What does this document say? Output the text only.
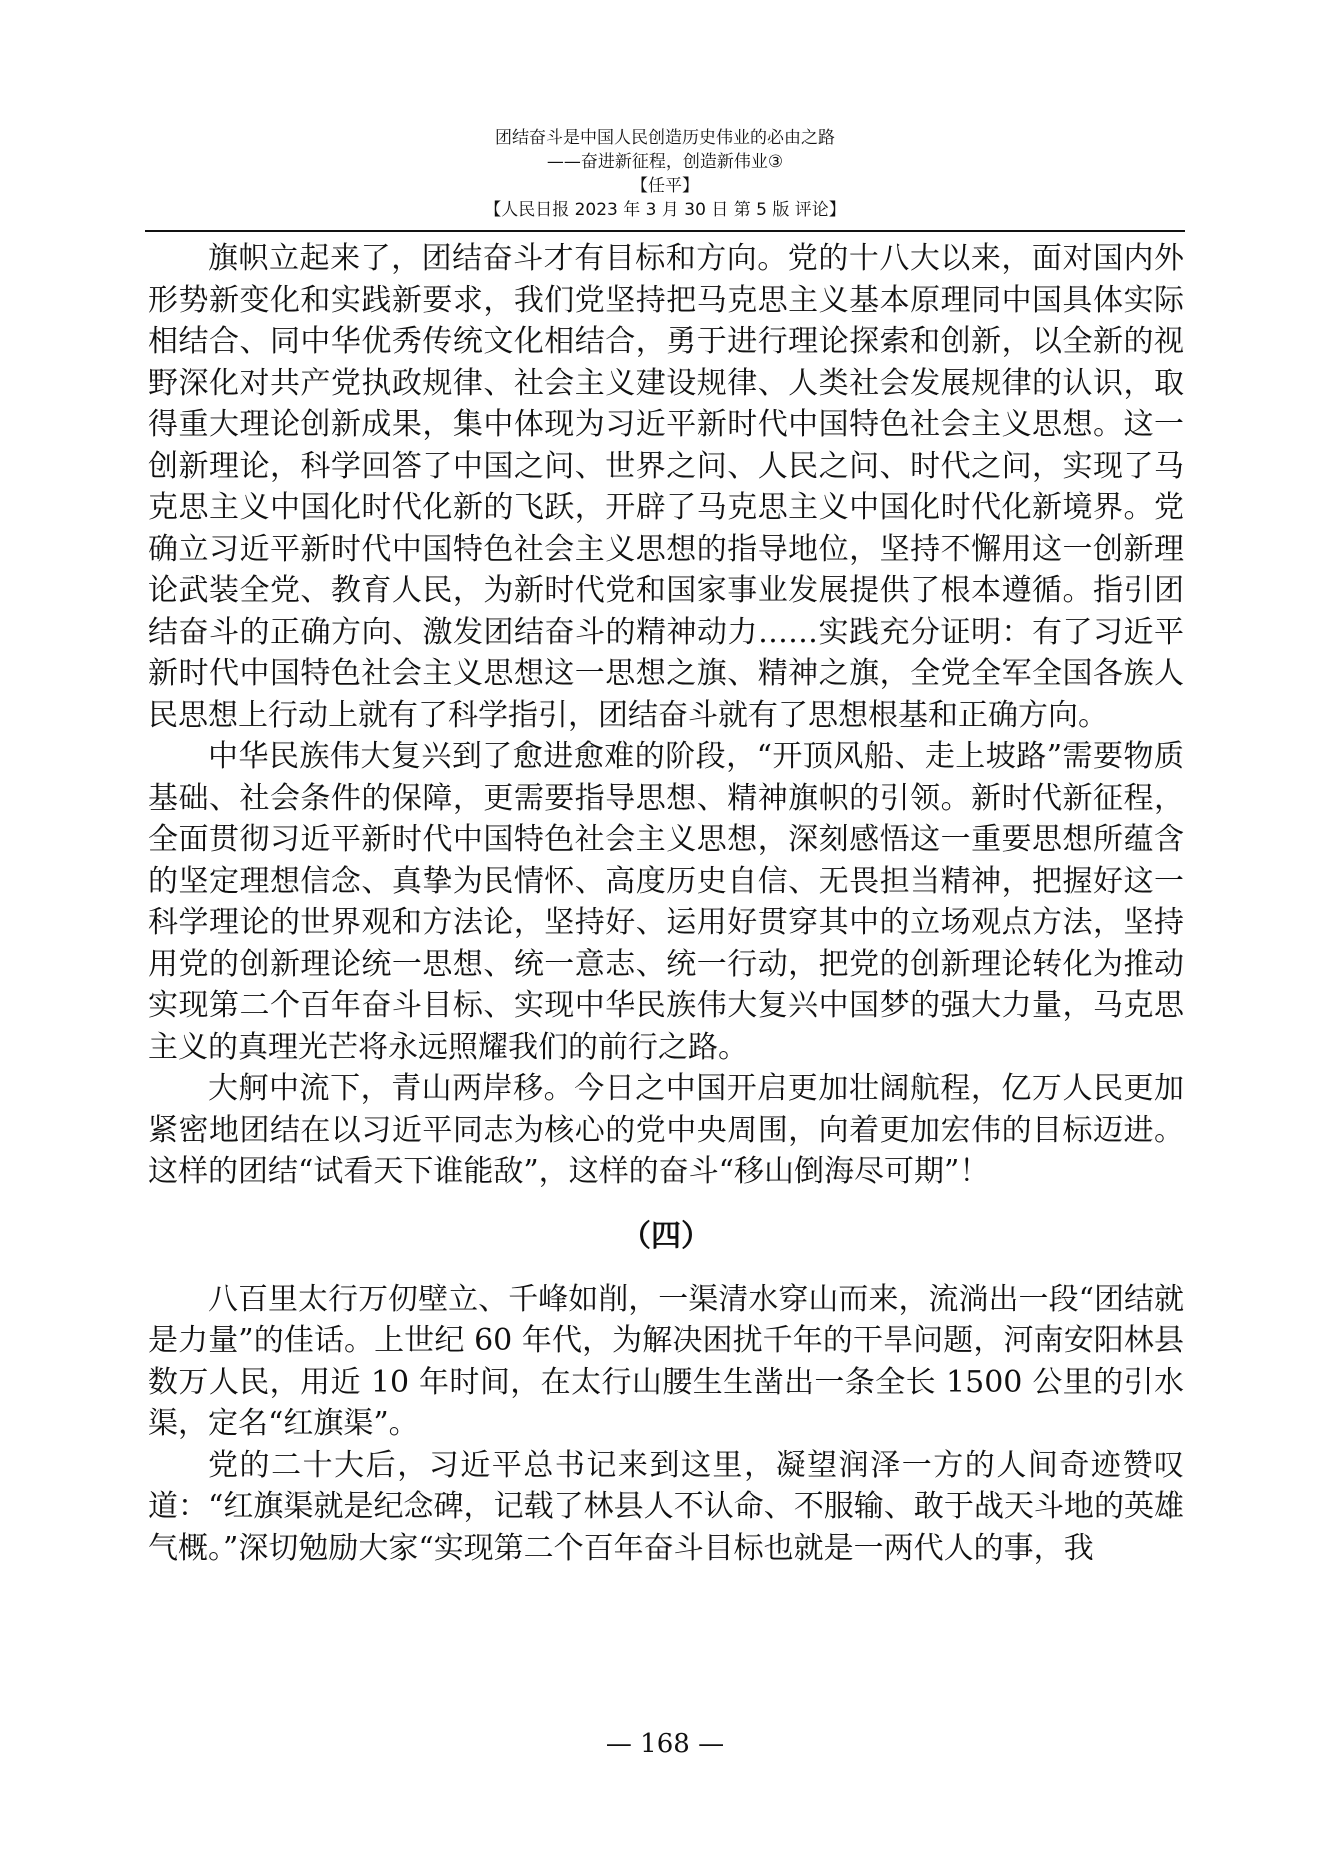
团结奋斗是中国人民创造历史伟业的必由之路
——奋进新征程，创造新伟业③
【任平】
【人民日报 2023 年 3 月 30 日 第 5 版 评论】

旗帜立起来了，团结奋斗才有目标和方向。党的十八大以来，面对国内外形势新变化和实践新要求，我们党坚持把马克思主义基本原理同中国具体实际相结合、同中华优秀传统文化相结合，勇于进行理论探索和创新，以全新的视野深化对共产党执政规律、社会主义建设规律、人类社会发展规律的认识，取得重大理论创新成果，集中体现为习近平新时代中国特色社会主义思想。这一创新理论，科学回答了中国之问、世界之问、人民之问、时代之问，实现了马克思主义中国化时代化新的飞跃，开辟了马克思主义中国化时代化新境界。党确立习近平新时代中国特色社会主义思想的指导地位，坚持不懈用这一创新理论武装全党、教育人民，为新时代党和国家事业发展提供了根本遵循。指引团结奋斗的正确方向、激发团结奋斗的精神动力……实践充分证明：有了习近平新时代中国特色社会主义思想这一思想之旗、精神之旗，全党全军全国各族人民思想上行动上就有了科学指引，团结奋斗就有了思想根基和正确方向。

中华民族伟大复兴到了愈进愈难的阶段，“开顶风船、走上坡路”需要物质基础、社会条件的保障，更需要指导思想、精神旗帜的引领。新时代新征程，全面贯彻习近平新时代中国特色社会主义思想，深刻感悟这一重要思想所蕴含的坚定理想信念、真挚为民情怀、高度历史自信、无畏担当精神，把握好这一科学理论的世界观和方法论，坚持好、运用好贯穿其中的立场观点方法，坚持用党的创新理论统一思想、统一意志、统一行动，把党的创新理论转化为推动实现第二个百年奋斗目标、实现中华民族伟大复兴中国梦的强大力量，马克思主义的真理光芒将永远照耀我们的前行之路。

大舸中流下，青山两岸移。今日之中国开启更加壮阔航程，亿万人民更加紧密地团结在以习近平同志为核心的党中央周围，向着更加宏伟的目标迈进。这样的团结“试看天下谁能敌”，这样的奋斗“移山倒海尽可期”！

（四）

八百里太行万仞壁立、千峰如削，一渠清水穿山而来，流淌出一段“团结就是力量”的佳话。上世纪 60 年代，为解决困扰千年的干旱问题，河南安阳林县数万人民，用近 10 年时间，在太行山腰生生凿出一条全长 1500 公里的引水渠，定名“红旗渠”。

党的二十大后，习近平总书记来到这里，凝望润泽一方的人间奇迹赞叹道：“红旗渠就是纪念碑，记载了林县人不认命、不服输、敢于战天斗地的英雄气概。”深切勉励大家“实现第二个百年奋斗目标也就是一两代人的事，我

— 168 —
